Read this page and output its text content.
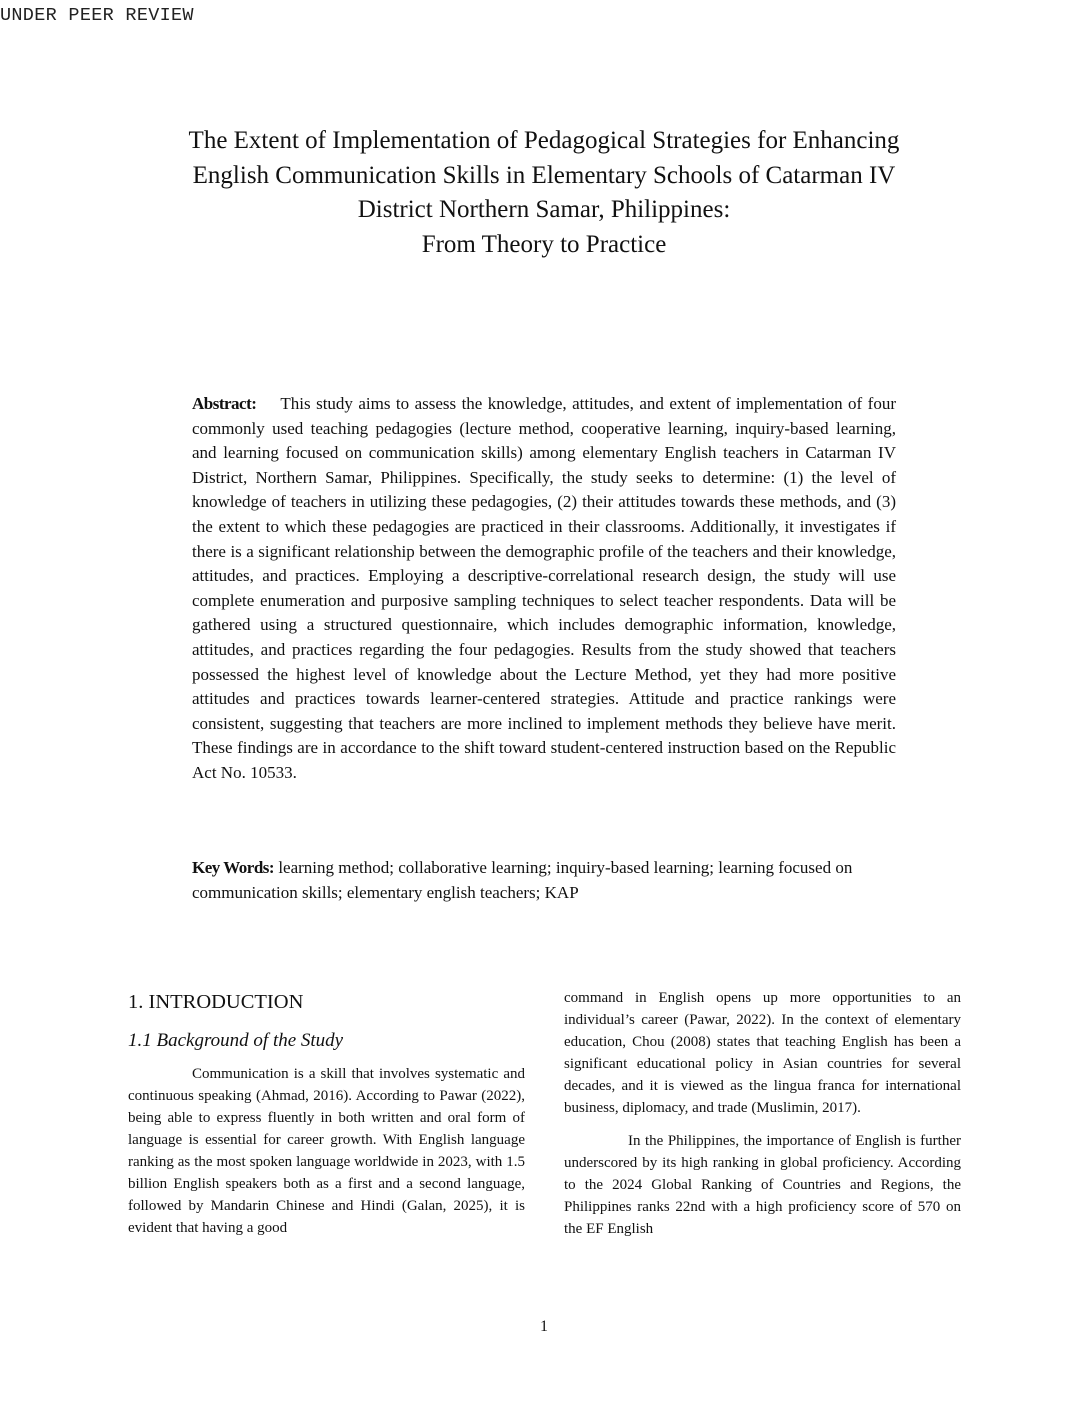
UNDER PEER REVIEW
The Extent of Implementation of Pedagogical Strategies for Enhancing
English Communication Skills in Elementary Schools of Catarman IV
District Northern Samar, Philippines:
From Theory to Practice
Abstract: This study aims to assess the knowledge, attitudes, and extent of implementation of four commonly used teaching pedagogies (lecture method, cooperative learning, inquiry-based learning, and learning focused on communication skills) among elementary English teachers in Catarman IV District, Northern Samar, Philippines. Specifically, the study seeks to determine: (1) the level of knowledge of teachers in utilizing these pedagogies, (2) their attitudes towards these methods, and (3) the extent to which these pedagogies are practiced in their classrooms. Additionally, it investigates if there is a significant relationship between the demographic profile of the teachers and their knowledge, attitudes, and practices. Employing a descriptive-correlational research design, the study will use complete enumeration and purposive sampling techniques to select teacher respondents. Data will be gathered using a structured questionnaire, which includes demographic information, knowledge, attitudes, and practices regarding the four pedagogies. Results from the study showed that teachers possessed the highest level of knowledge about the Lecture Method, yet they had more positive attitudes and practices towards learner-centered strategies. Attitude and practice rankings were consistent, suggesting that teachers are more inclined to implement methods they believe have merit. These findings are in accordance to the shift toward student-centered instruction based on the Republic Act No. 10533.
Key Words: learning method; collaborative learning; inquiry-based learning; learning focused on communication skills; elementary english teachers; KAP
1. INTRODUCTION
1.1 Background of the Study

Communication is a skill that involves systematic and continuous speaking (Ahmad, 2016). According to Pawar (2022), being able to express fluently in both written and oral form of language is essential for career growth. With English language ranking as the most spoken language worldwide in 2023, with 1.5 billion English speakers both as a first and a second language, followed by Mandarin Chinese and Hindi (Galan, 2025), it is evident that having a good

command in English opens up more opportunities to an individual’s career (Pawar, 2022). In the context of elementary education, Chou (2008) states that teaching English has been a significant educational policy in Asian countries for several decades, and it is viewed as the lingua franca for international business, diplomacy, and trade (Muslimin, 2017).

In the Philippines, the importance of English is further underscored by its high ranking in global proficiency. According to the 2024 Global Ranking of Countries and Regions, the Philippines ranks 22nd with a high proficiency score of 570 on the EF English

1
